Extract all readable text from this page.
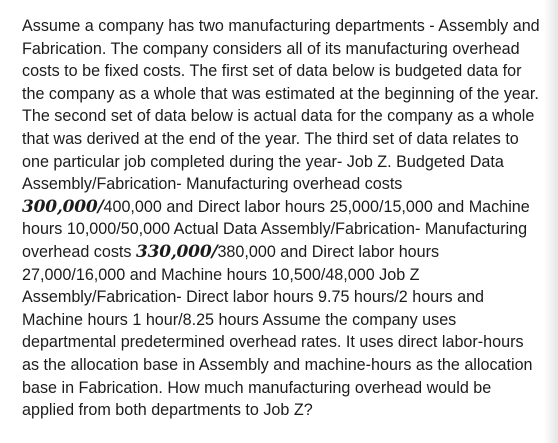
Assume a company has two manufacturing departments - Assembly and Fabrication. The company considers all of its manufacturing overhead costs to be fixed costs. The first set of data below is budgeted data for the company as a whole that was estimated at the beginning of the year. The second set of data below is actual data for the company as a whole that was derived at the end of the year. The third set of data relates to one particular job completed during the year- Job Z. Budgeted Data Assembly/Fabrication- Manufacturing overhead costs 300,000/400,000 and Direct labor hours 25,000/15,000 and Machine hours 10,000/50,000 Actual Data Assembly/Fabrication- Manufacturing overhead costs 330,000/380,000 and Direct labor hours 27,000/16,000 and Machine hours 10,500/48,000 Job Z Assembly/Fabrication- Direct labor hours 9.75 hours/2 hours and Machine hours 1 hour/8.25 hours Assume the company uses departmental predetermined overhead rates. It uses direct labor-hours as the allocation base in Assembly and machine-hours as the allocation base in Fabrication. How much manufacturing overhead would be applied from both departments to Job Z?
